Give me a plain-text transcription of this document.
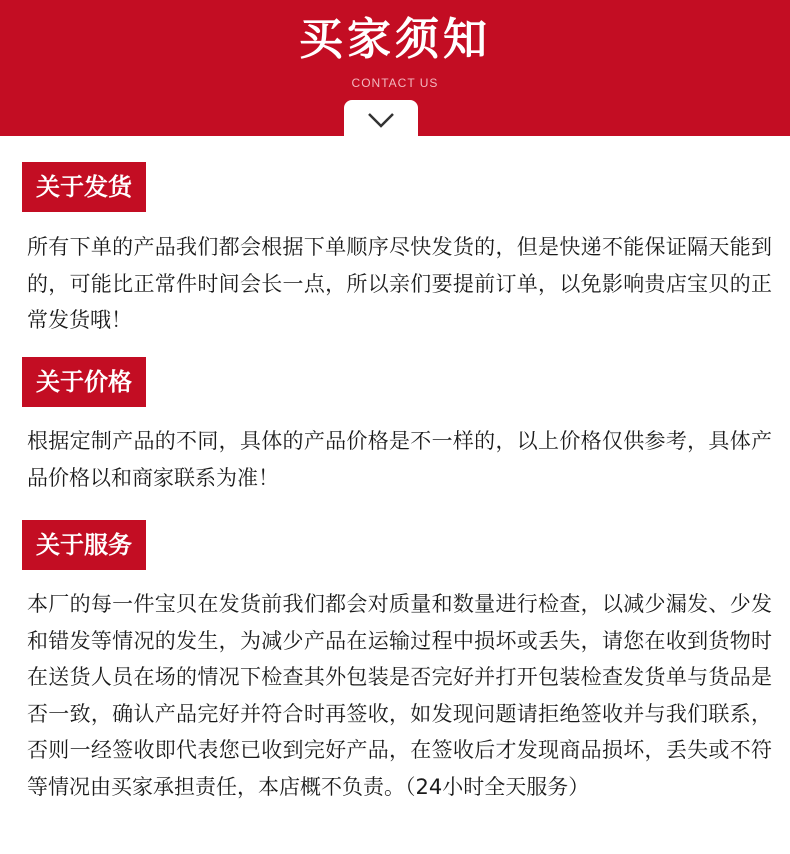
买家须知
CONTACT US
关于发货
所有下单的产品我们都会根据下单顺序尽快发货的，但是快递不能保证隔天能到的，可能比正常件时间会长一点，所以亲们要提前订单，以免影响贵店宝贝的正常发货哦！
关于价格
根据定制产品的不同，具体的产品价格是不一样的，以上价格仅供参考，具体产品价格以和商家联系为准！
关于服务
本厂的每一件宝贝在发货前我们都会对质量和数量进行检查，以减少漏发、少发和错发等情况的发生，为减少产品在运输过程中损坏或丢失，请您在收到货物时在送货人员在场的情况下检查其外包装是否完好并打开包装检查发货单与货品是否一致，确认产品完好并符合时再签收，如发现问题请拒绝签收并与我们联系，否则一经签收即代表您已收到完好产品，在签收后才发现商品损坏，丢失或不符等情况由买家承担责任，本店概不负责。（24小时全天服务）
